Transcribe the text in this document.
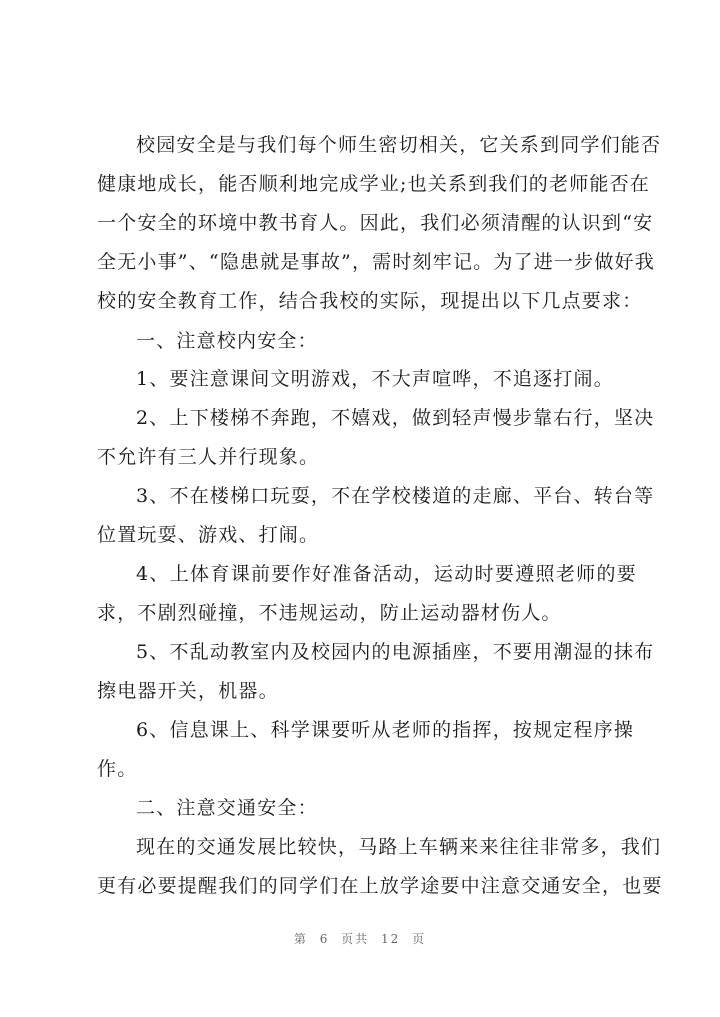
校园安全是与我们每个师生密切相关，它关系到同学们能否
健康地成长，能否顺利地完成学业;也关系到我们的老师能否在
一个安全的环境中教书育人。因此，我们必须清醒的认识到“安
全无小事”、“隐患就是事故”，需时刻牢记。为了进一步做好我
校的安全教育工作，结合我校的实际，现提出以下几点要求：
一、注意校内安全：
1、要注意课间文明游戏，不大声喧哗，不追逐打闹。
2、上下楼梯不奔跑，不嬉戏，做到轻声慢步靠右行，坚决
不允许有三人并行现象。
3、不在楼梯口玩耍，不在学校楼道的走廊、平台、转台等
位置玩耍、游戏、打闹。
4、上体育课前要作好准备活动，运动时要遵照老师的要
求，不剧烈碰撞，不违规运动，防止运动器材伤人。
5、不乱动教室内及校园内的电源插座，不要用潮湿的抹布
擦电器开关，机器。
6、信息课上、科学课要听从老师的指挥，按规定程序操
作。
二、注意交通安全：
现在的交通发展比较快，马路上车辆来来往往非常多，我们
更有必要提醒我们的同学们在上放学途要中注意交通安全，也要
第 6 页共 12 页
